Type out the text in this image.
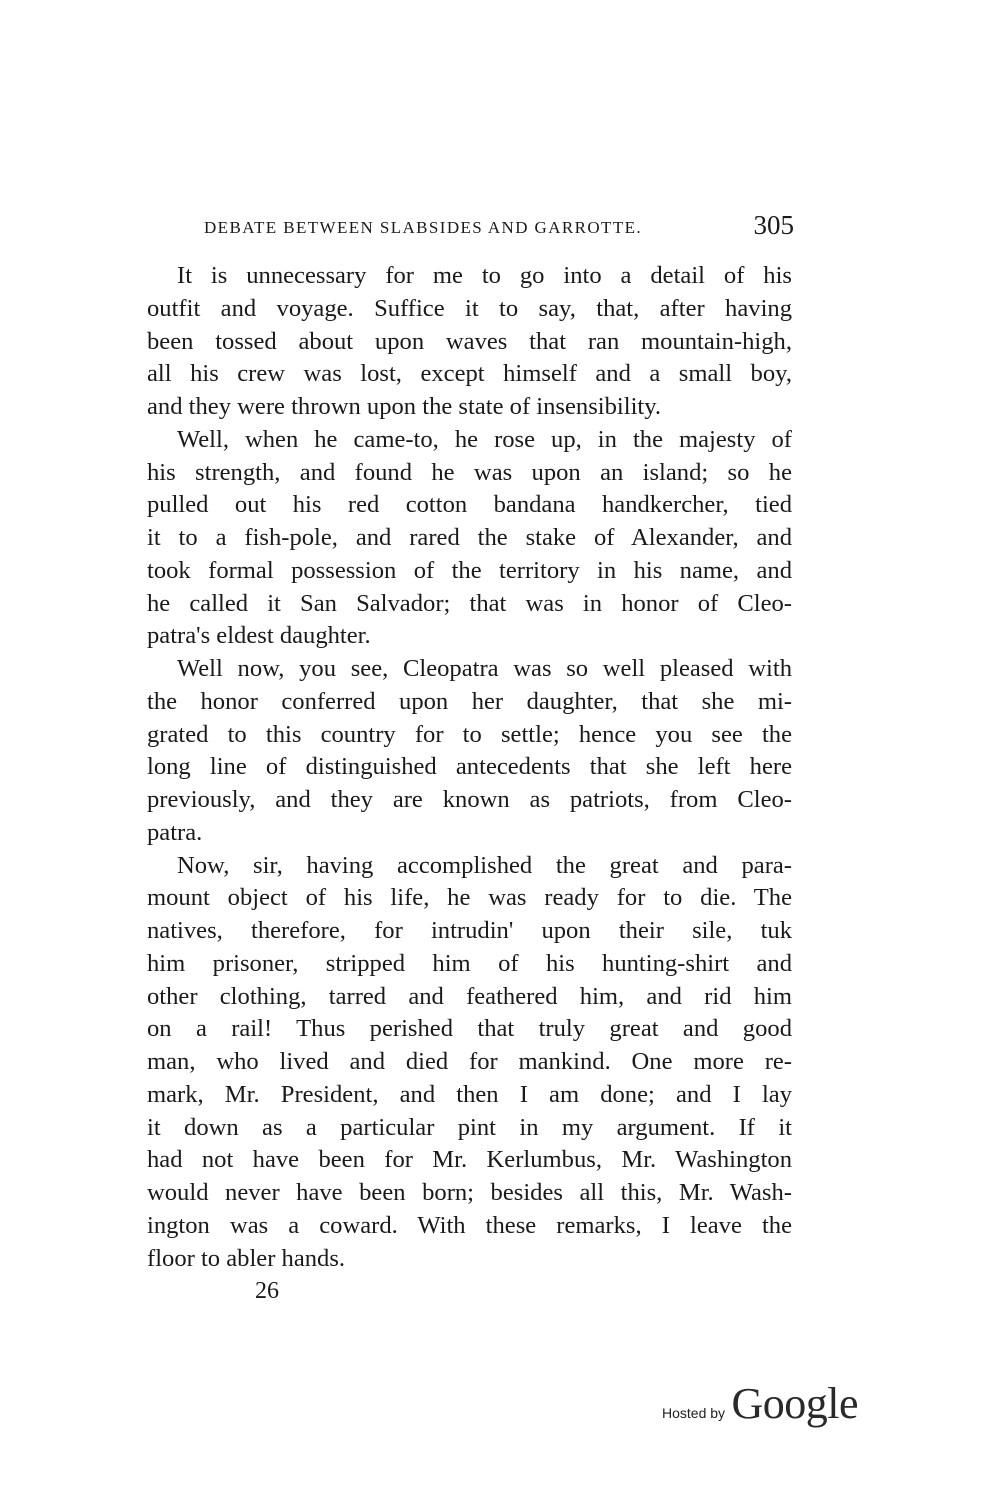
DEBATE BETWEEN SLABSIDES AND GARROTTE.	305
It is unnecessary for me to go into a detail of his
outfit and voyage. Suffice it to say, that, after having
been tossed about upon waves that ran mountain-high,
all his crew was lost, except himself and a small boy,
and they were thrown upon the state of insensibility.
Well, when he came-to, he rose up, in the majesty of
his strength, and found he was upon an island; so he
pulled out his red cotton bandana handkercher, tied
it to a fish-pole, and rared the stake of Alexander, and
took formal possession of the territory in his name, and
he called it San Salvador; that was in honor of Cleo-
patra's eldest daughter.
Well now, you see, Cleopatra was so well pleased with
the honor conferred upon her daughter, that she mi-
grated to this country for to settle; hence you see the
long line of distinguished antecedents that she left here
previously, and they are known as patriots, from Cleo-
patra.
Now, sir, having accomplished the great and para-
mount object of his life, he was ready for to die. The
natives, therefore, for intrudin' upon their sile, tuk
him prisoner, stripped him of his hunting-shirt and
other clothing, tarred and feathered him, and rid him
on a rail! Thus perished that truly great and good
man, who lived and died for mankind. One more re-
mark, Mr. President, and then I am done; and I lay
it down as a particular pint in my argument. If it
had not have been for Mr. Kerlumbus, Mr. Washington
would never have been born; besides all this, Mr. Wash-
ington was a coward. With these remarks, I leave the
floor to abler hands.
26
Hosted by Google
